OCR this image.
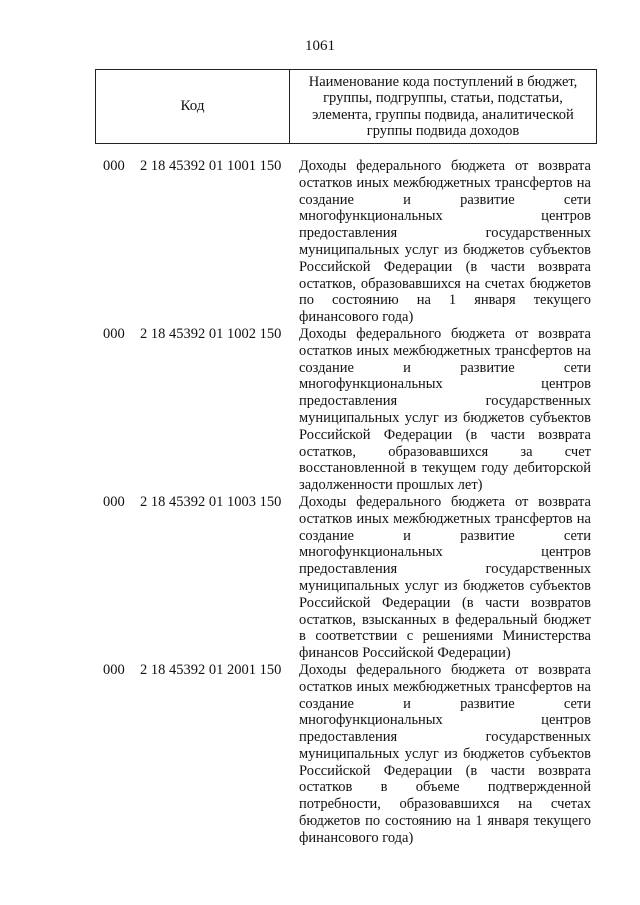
1061
Код
Наименование кода поступлений в бюджет,
группы, подгруппы, статьи, подстатьи,
элемента, группы подвида, аналитической
группы подвида доходов
000 2 18 45392 01 1001 150 Доходы федерального бюджета от возврата
остатков иных межбюджетных трансфертов на
создание и развитие сети
многофункциональных центров
предоставления государственных
муниципальных услуг из бюджетов субъектов
Российской Федерации (в части возврата
остатков, образовавшихся на счетах бюджетов
по состоянию на 1 января текущего
финансового года)
000 2 18 45392 01 1002 150 Доходы федерального бюджета от возврата
остатков иных межбюджетных трансфертов на
создание и развитие сети
многофункциональных центров
предоставления государственных
муниципальных услуг из бюджетов субъектов
Российской Федерации (в части возврата
остатков, образовавшихся за счет
восстановленной в текущем году дебиторской
задолженности прошлых лет)
000 2 18 45392 01 1003 150 Доходы федерального бюджета от возврата
остатков иных межбюджетных трансфертов на
создание и развитие сети
многофункциональных центров
предоставления государственных
муниципальных услуг из бюджетов субъектов
Российской Федерации (в части возвратов
остатков, взысканных в федеральный бюджет
в соответствии с решениями Министерства
финансов Российской Федерации)
000 2 18 45392 01 2001 150 Доходы федерального бюджета от возврата
остатков иных межбюджетных трансфертов на
создание и развитие сети
многофункциональных центров
предоставления государственных
муниципальных услуг из бюджетов субъектов
Российской Федерации (в части возврата
остатков в объеме подтвержденной
потребности, образовавшихся на счетах
бюджетов по состоянию на 1 января текущего
финансового года)
